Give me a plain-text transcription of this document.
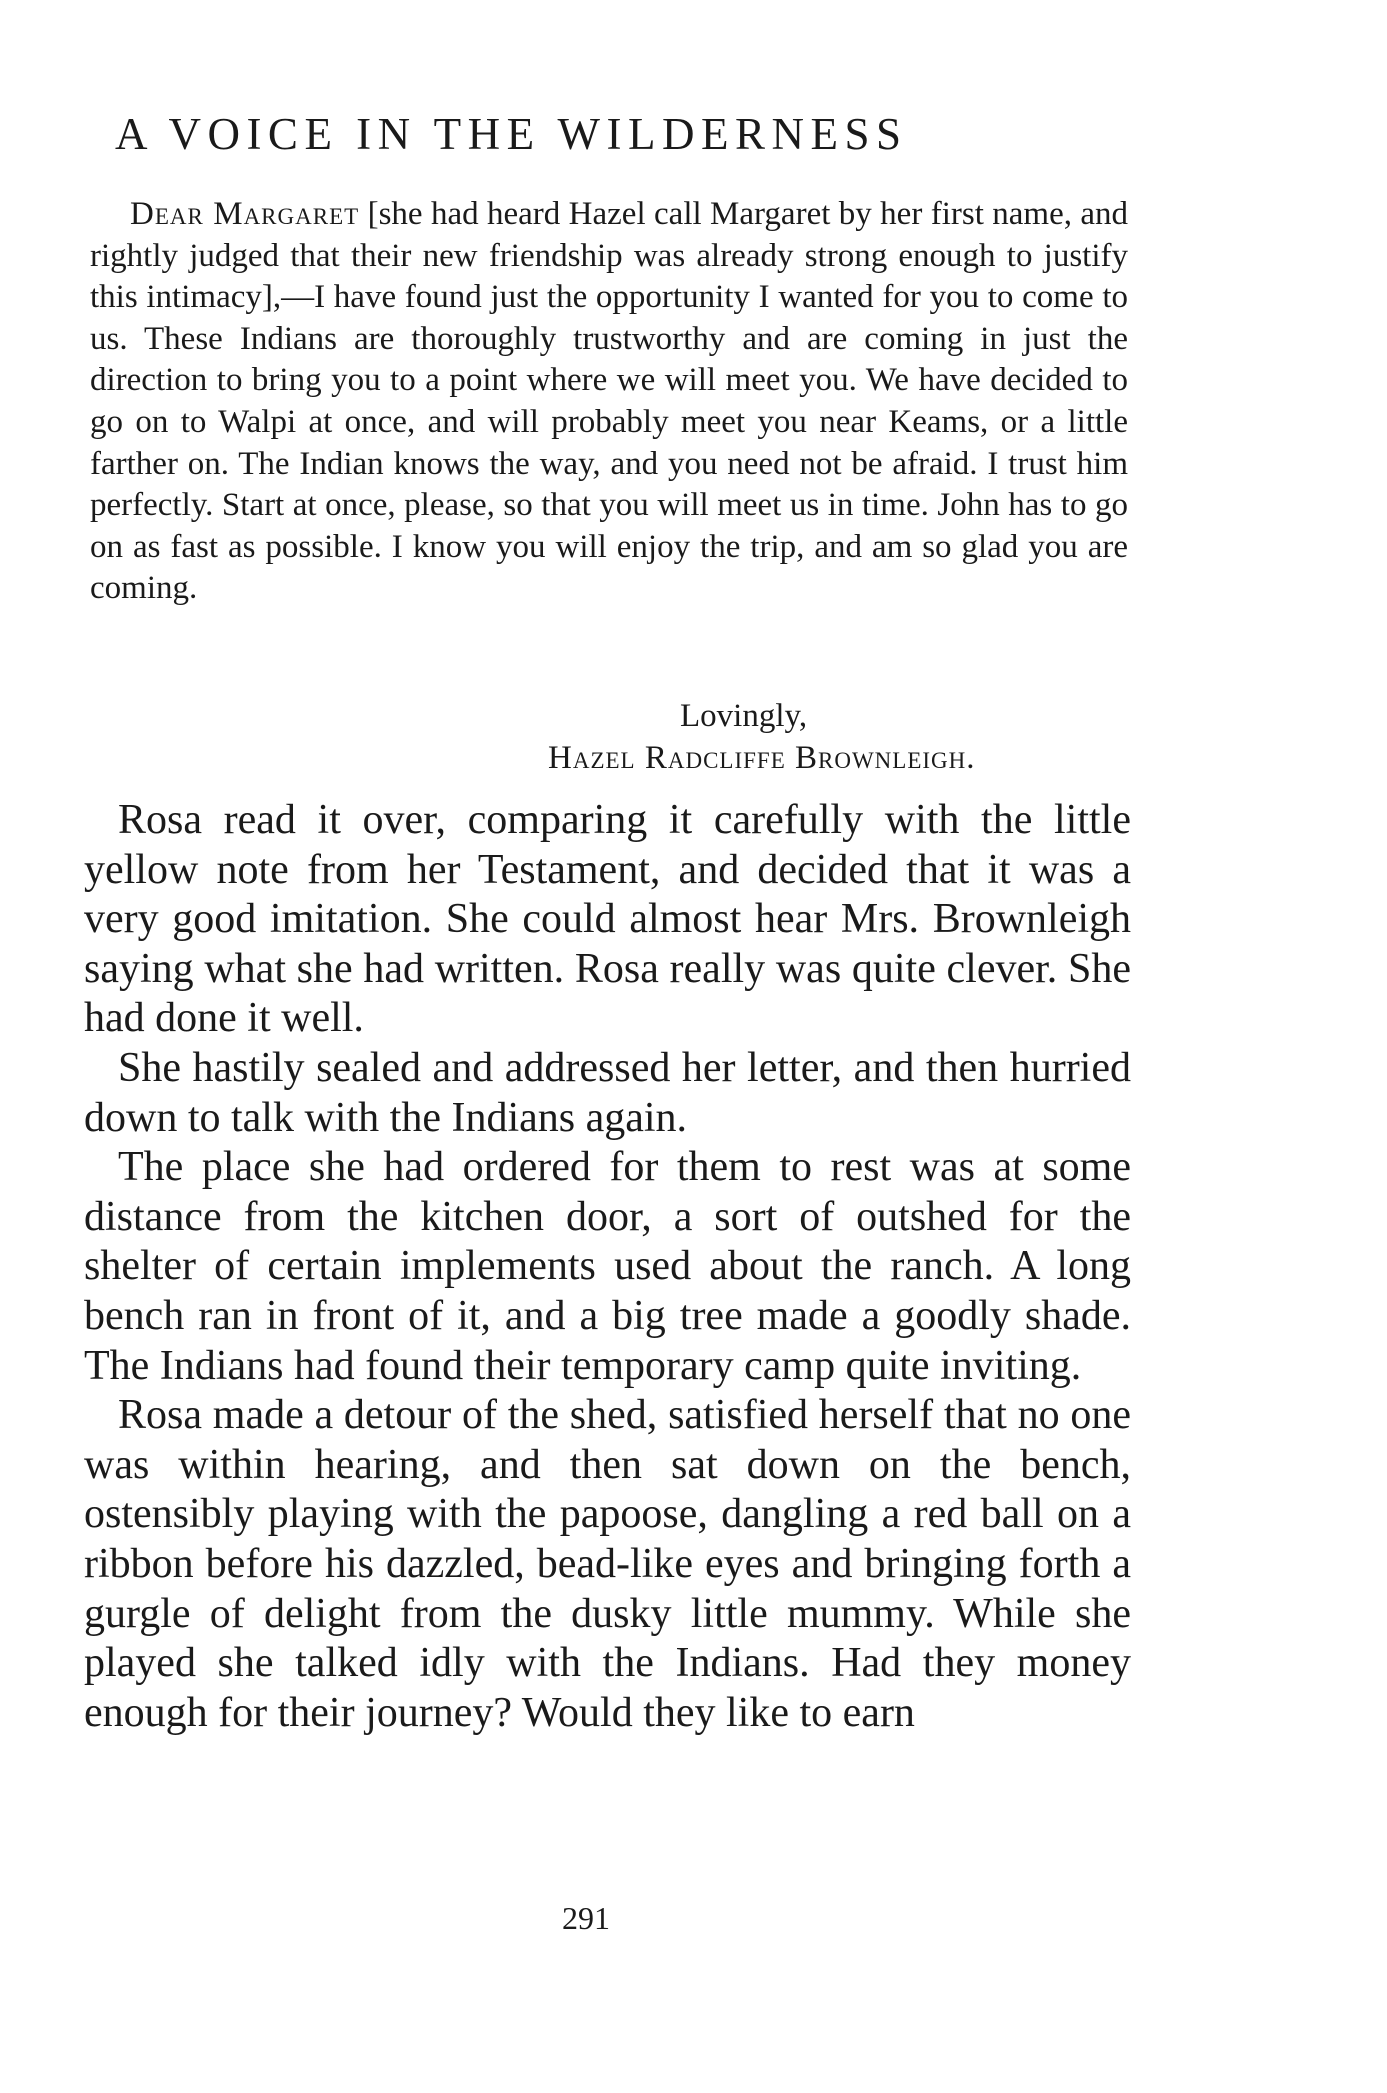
A VOICE IN THE WILDERNESS

Dear Margaret [she had heard Hazel call Margaret by her first name, and rightly judged that their new friendship was already strong enough to justify this intimacy],—I have found just the opportunity I wanted for you to come to us. These Indians are thoroughly trustworthy and are coming in just the direction to bring you to a point where we will meet you. We have decided to go on to Walpi at once, and will probably meet you near Keams, or a little farther on. The Indian knows the way, and you need not be afraid. I trust him perfectly. Start at once, please, so that you will meet us in time. John has to go on as fast as possible. I know you will enjoy the trip, and am so glad you are coming.

Lovingly,
Hazel Radcliffe Brownleigh.

Rosa read it over, comparing it carefully with the little yellow note from her Testament, and decided that it was a very good imitation. She could almost hear Mrs. Brownleigh saying what she had written. Rosa really was quite clever. She had done it well.

She hastily sealed and addressed her letter, and then hurried down to talk with the Indians again.

The place she had ordered for them to rest was at some distance from the kitchen door, a sort of outshed for the shelter of certain implements used about the ranch. A long bench ran in front of it, and a big tree made a goodly shade. The Indians had found their temporary camp quite inviting.

Rosa made a detour of the shed, satisfied herself that no one was within hearing, and then sat down on the bench, ostensibly playing with the papoose, dangling a red ball on a ribbon before his dazzled, bead-like eyes and bringing forth a gurgle of delight from the dusky little mummy. While she played she talked idly with the Indians. Had they money enough for their journey? Would they like to earn

291
